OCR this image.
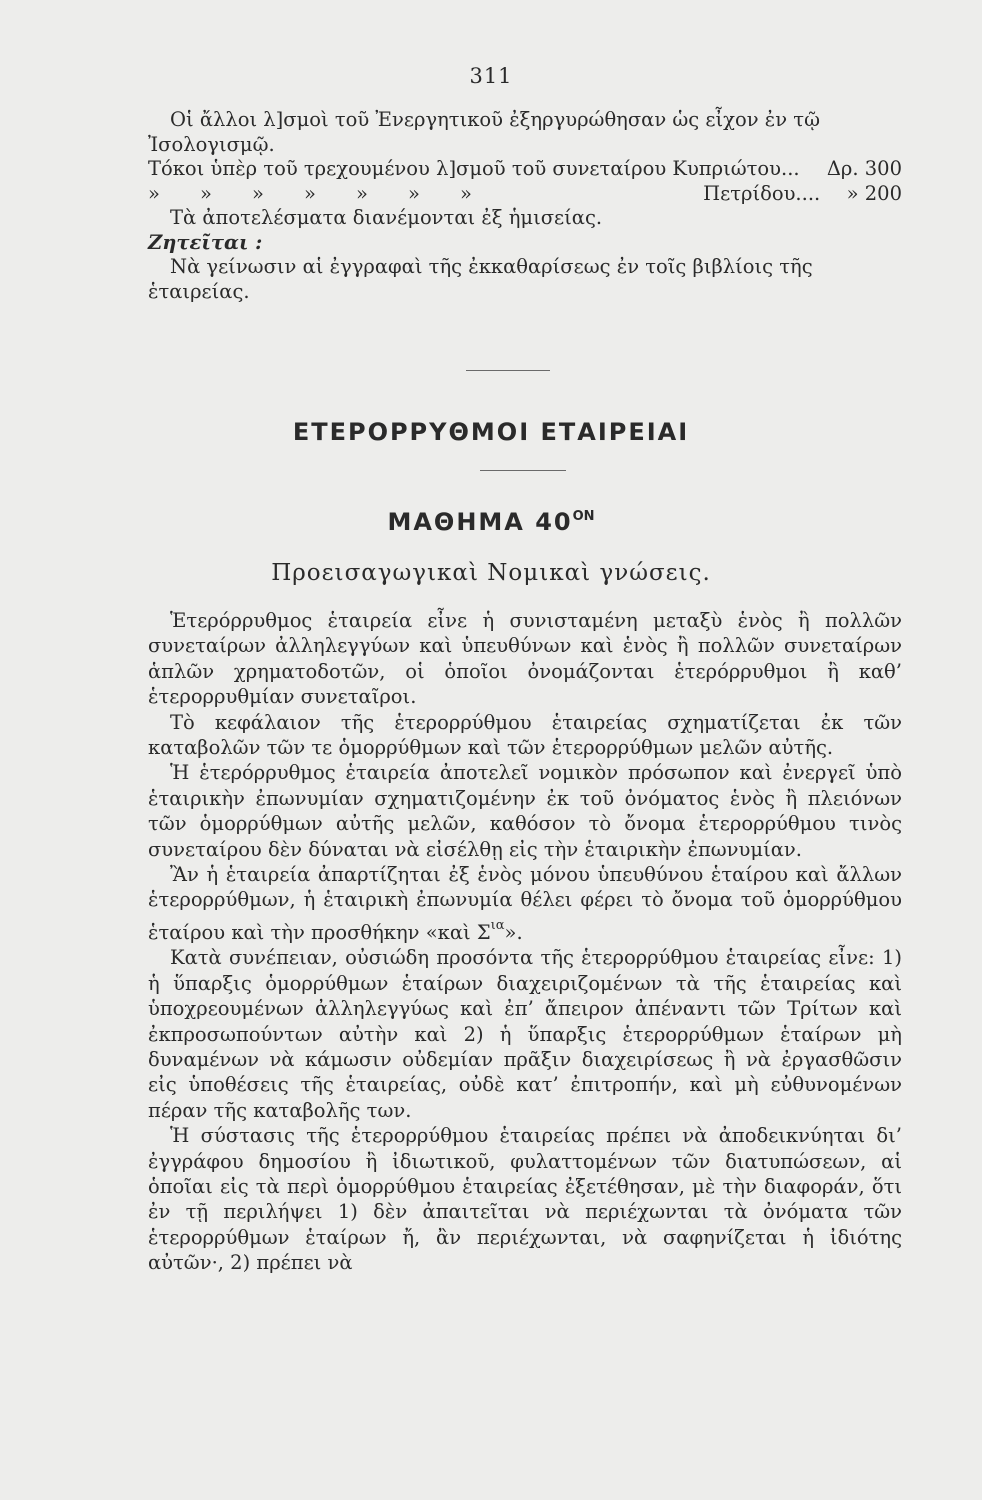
311

Οἱ ἄλλοι λ]σμοὶ τοῦ Ἐνεργητικοῦ ἐξηργυρώθησαν ὡς εἶχον ἐν τῷ Ἰσολογισμῷ.

Τόκοι ὑπὲρ τοῦ τρεχουμένου λ]σμοῦ τοῦ συνεταίρου Κυπριώτου... Δρ. 300
» » » » » » »	Πετρίδου.... » 200

Τὰ ἀποτελέσματα διανέμονται ἐξ ἡμισείας.

Ζητεῖται :

Νὰ γείνωσιν αἱ ἐγγραφαὶ τῆς ἐκκαθαρίσεως ἐν τοῖς βιβλίοις τῆς ἑταιρείας.

ΕΤΕΡΟΡΡΥΘΜΟΙ ΕΤΑΙΡΕΙΑΙ
ΜΑΘΗΜΑ $40^{ON}$
Προεισαγωγικαὶ Νομικαὶ γνώσεις.

Ἑτερόρρυθμος ἑταιρεία εἶνε ἡ συνισταμένη μεταξὺ ἑνὸς ἢ πολλῶν συνεταίρων ἀλληλεγγύων καὶ ὑπευθύνων καὶ ἑνὸς ἢ πολλῶν συνεταίρων ἁπλῶν χρηματοδοτῶν, οἱ ὁποῖοι ὀνομάζονται ἑτερόρρυθμοι ἢ καθ’ ἑτερορρυθμίαν συνεταῖροι.

Τὸ κεφάλαιον τῆς ἑτερορρύθμου ἑταιρείας σχηματίζεται ἐκ τῶν καταβολῶν τῶν τε ὁμορρύθμων καὶ τῶν ἑτερορρύθμων μελῶν αὐτῆς.

Ἡ ἑτερόρρυθμος ἑταιρεία ἀποτελεῖ νομικὸν πρόσωπον καὶ ἐνεργεῖ ὑπὸ ἑταιρικὴν ἐπωνυμίαν σχηματιζομένην ἐκ τοῦ ὀνόματος ἑνὸς ἢ πλειόνων τῶν ὁμορρύθμων αὐτῆς μελῶν, καθόσον τὸ ὄνομα ἑτερορρύθμου τινὸς συνεταίρου δὲν δύναται νὰ εἰσέλθῃ εἰς τὴν ἑταιρικὴν ἐπωνυμίαν.

Ἂν ἡ ἑταιρεία ἀπαρτίζηται ἐξ ἑνὸς μόνου ὑπευθύνου ἑταίρου καὶ ἄλλων ἑτερορρύθμων, ἡ ἑταιρικὴ ἐπωνυμία θέλει φέρει τὸ ὄνομα τοῦ ὁμορρύθμου ἑταίρου καὶ τὴν προσθήκην «καὶ $\Sigma^{\iota\alpha}$».

Κατὰ συνέπειαν, οὐσιώδη προσόντα τῆς ἑτερορρύθμου ἑταιρείας εἶνε: 1) ἡ ὕπαρξις ὁμορρύθμων ἑταίρων διαχειριζομένων τὰ τῆς ἑταιρείας καὶ ὑποχρεουμένων ἀλληλεγγύως καὶ ἐπ’ ἄπειρον ἀπέναντι τῶν Τρίτων καὶ ἐκπροσωπούντων αὐτὴν καὶ 2) ἡ ὕπαρξις ἑτερορρύθμων ἑταίρων μὴ δυναμένων νὰ κάμωσιν οὐδεμίαν πρᾶξιν διαχειρίσεως ἢ νὰ ἐργασθῶσιν εἰς ὑποθέσεις τῆς ἑταιρείας, οὐδὲ κατ’ ἐπιτροπήν, καὶ μὴ εὐθυνομένων πέραν τῆς καταβολῆς των.

Ἡ σύστασις τῆς ἑτερορρύθμου ἑταιρείας πρέπει νὰ ἀποδεικνύηται δι’ ἐγγράφου δημοσίου ἢ ἰδιωτικοῦ, φυλαττομένων τῶν διατυπώσεων, αἱ ὁποῖαι εἰς τὰ περὶ ὁμορρύθμου ἑταιρείας ἐξετέθησαν, μὲ τὴν διαφοράν, ὅτι ἐν τῇ περιλήψει 1) δὲν ἀπαιτεῖται νὰ περιέχωνται τὰ ὀνόματα τῶν ἑτερορρύθμων ἑταίρων ἤ, ἂν περιέχωνται, νὰ σαφηνίζεται ἡ ἰδιότης αὐτῶν·, 2) πρέπει νὰ
